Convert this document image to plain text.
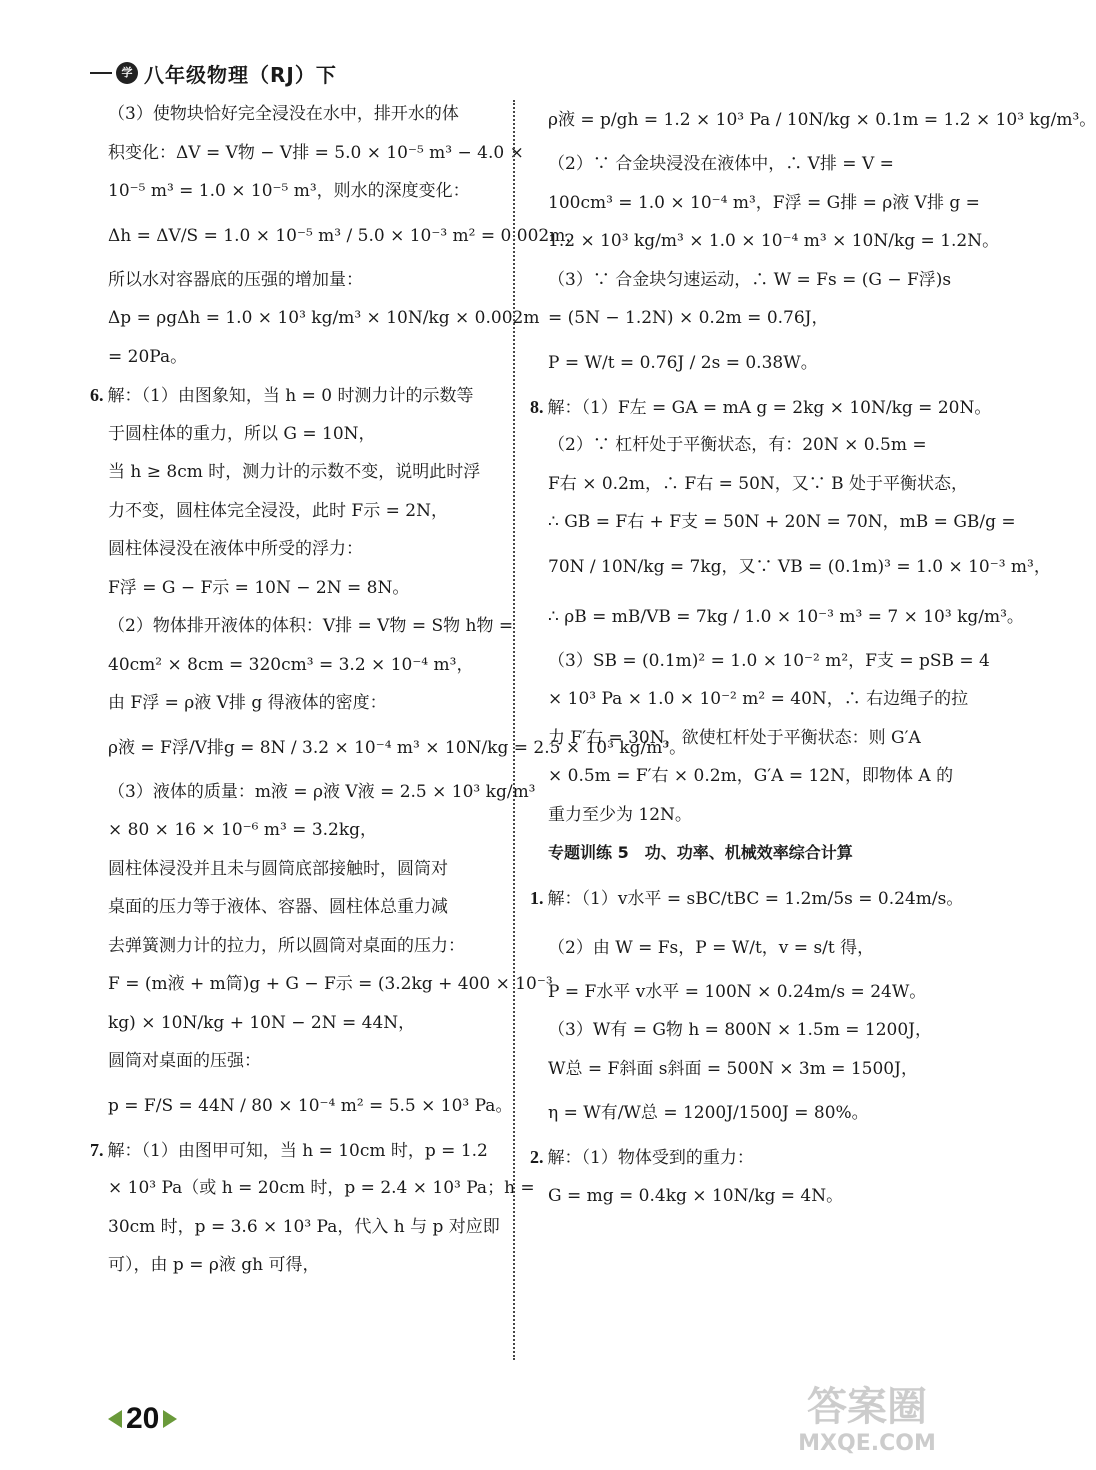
学 八年级物理（RJ）下
（3）使物块恰好完全浸没在水中，排开水的体
积变化：ΔV = V物 − V排 = 5.0 × 10⁻⁵ m³ − 4.0 ×
10⁻⁵ m³ = 1.0 × 10⁻⁵ m³，则水的深度变化：
Δh = ΔV/S = 1.0 × 10⁻⁵ m³ / 5.0 × 10⁻³ m² = 0.002m，
所以水对容器底的压强的增加量：
Δp = ρgΔh = 1.0 × 10³ kg/m³ × 10N/kg × 0.002m
= 20Pa。
6. 解：（1）由图象知，当 h = 0 时测力计的示数等
于圆柱体的重力，所以 G = 10N，
当 h ≥ 8cm 时，测力计的示数不变，说明此时浮
力不变，圆柱体完全浸没，此时 F示 = 2N，
圆柱体浸没在液体中所受的浮力：
F浮 = G − F示 = 10N − 2N = 8N。
（2）物体排开液体的体积：V排 = V物 = S物 h物 =
40cm² × 8cm = 320cm³ = 3.2 × 10⁻⁴ m³，
由 F浮 = ρ液 V排 g 得液体的密度：
ρ液 = F浮/V排g = 8N / 3.2 × 10⁻⁴ m³ × 10N/kg = 2.5 × 10³ kg/m³。
（3）液体的质量：m液 = ρ液 V液 = 2.5 × 10³ kg/m³
× 80 × 16 × 10⁻⁶ m³ = 3.2kg，
圆柱体浸没并且未与圆筒底部接触时，圆筒对
桌面的压力等于液体、容器、圆柱体总重力减
去弹簧测力计的拉力，所以圆筒对桌面的压力：
F = (m液 + m筒)g + G − F示 = (3.2kg + 400 × 10⁻³
kg) × 10N/kg + 10N − 2N = 44N，
圆筒对桌面的压强：
p = F/S = 44N / 80 × 10⁻⁴ m² = 5.5 × 10³ Pa。
7. 解：（1）由图甲可知，当 h = 10cm 时，p = 1.2
× 10³ Pa（或 h = 20cm 时，p = 2.4 × 10³ Pa；h =
30cm 时，p = 3.6 × 10³ Pa，代入 h 与 p 对应即
可），由 p = ρ液 gh 可得，
ρ液 = p/gh = 1.2 × 10³ Pa / 10N/kg × 0.1m = 1.2 × 10³ kg/m³。
（2）∵ 合金块浸没在液体中，∴ V排 = V =
100cm³ = 1.0 × 10⁻⁴ m³，F浮 = G排 = ρ液 V排 g =
1.2 × 10³ kg/m³ × 1.0 × 10⁻⁴ m³ × 10N/kg = 1.2N。
（3）∵ 合金块匀速运动，∴ W = Fs = (G − F浮)s
= (5N − 1.2N) × 0.2m = 0.76J，
P = W/t = 0.76J / 2s = 0.38W。
8. 解：（1）F左 = GA = mA g = 2kg × 10N/kg = 20N。
（2）∵ 杠杆处于平衡状态，有：20N × 0.5m =
F右 × 0.2m，∴ F右 = 50N，又∵ B 处于平衡状态，
∴ GB = F右 + F支 = 50N + 20N = 70N，mB = GB/g =
70N / 10N/kg = 7kg，又∵ VB = (0.1m)³ = 1.0 × 10⁻³ m³，
∴ ρB = mB/VB = 7kg / 1.0 × 10⁻³ m³ = 7 × 10³ kg/m³。
（3）SB = (0.1m)² = 1.0 × 10⁻² m²，F支 = pSB = 4
× 10³ Pa × 1.0 × 10⁻² m² = 40N，∴ 右边绳子的拉
力 F′右 = 30N，欲使杠杆处于平衡状态：则 G′A
× 0.5m = F′右 × 0.2m，G′A = 12N，即物体 A 的
重力至少为 12N。
专题训练 5　功、功率、机械效率综合计算
1. 解：（1）v水平 = sBC/tBC = 1.2m/5s = 0.24m/s。
（2）由 W = Fs，P = W/t，v = s/t 得，
P = F水平 v水平 = 100N × 0.24m/s = 24W。
（3）W有 = G物 h = 800N × 1.5m = 1200J，
W总 = F斜面 s斜面 = 500N × 3m = 1500J，
η = W有/W总 = 1200J/1500J = 80%。
2. 解：（1）物体受到的重力：
G = mg = 0.4kg × 10N/kg = 4N。
20	答案圈
MXQE.COM
